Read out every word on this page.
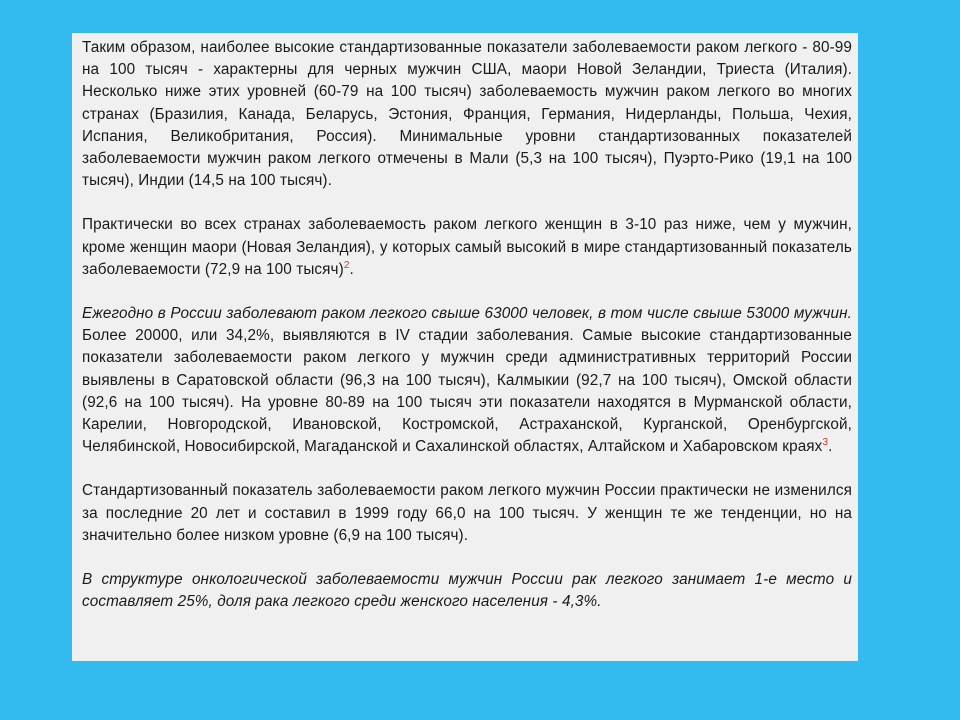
Таким образом, наиболее высокие стандартизованные показатели заболеваемости раком легкого - 80-99 на 100 тысяч - характерны для черных мужчин США, маори Новой Зеландии, Триеста (Италия). Несколько ниже этих уровней (60-79 на 100 тысяч) заболеваемость мужчин раком легкого во многих странах (Бразилия, Канада, Беларусь, Эстония, Франция, Германия, Нидерланды, Польша, Чехия, Испания, Великобритания, Россия). Минимальные уровни стандартизованных показателей заболеваемости мужчин раком легкого отмечены в Мали (5,3 на 100 тысяч), Пуэрто-Рико (19,1 на 100 тысяч), Индии (14,5 на 100 тысяч).

Практически во всех странах заболеваемость раком легкого женщин в 3-10 раз ниже, чем у мужчин, кроме женщин маори (Новая Зеландия), у которых самый высокий в мире стандартизованный показатель заболеваемости (72,9 на 100 тысяч)$^2$.

Ежегодно в России заболевают раком легкого свыше 63000 человек, в том числе свыше 53000 мужчин. Более 20000, или 34,2%, выявляются в IV стадии заболевания. Самые высокие стандартизованные показатели заболеваемости раком легкого у мужчин среди административных территорий России выявлены в Саратовской области (96,3 на 100 тысяч), Калмыкии (92,7 на 100 тысяч), Омской области (92,6 на 100 тысяч). На уровне 80-89 на 100 тысяч эти показатели находятся в Мурманской области, Карелии, Новгородской, Ивановской, Костромской, Астраханской, Курганской, Оренбургской, Челябинской, Новосибирской, Магаданской и Сахалинской областях, Алтайском и Хабаровском краях$^3$.

Стандартизованный показатель заболеваемости раком легкого мужчин России практически не изменился за последние 20 лет и составил в 1999 году 66,0 на 100 тысяч. У женщин те же тенденции, но на значительно более низком уровне (6,9 на 100 тысяч).

В структуре онкологической заболеваемости мужчин России рак легкого занимает 1-е место и составляет 25%, доля рака легкого среди женского населения - 4,3%.
